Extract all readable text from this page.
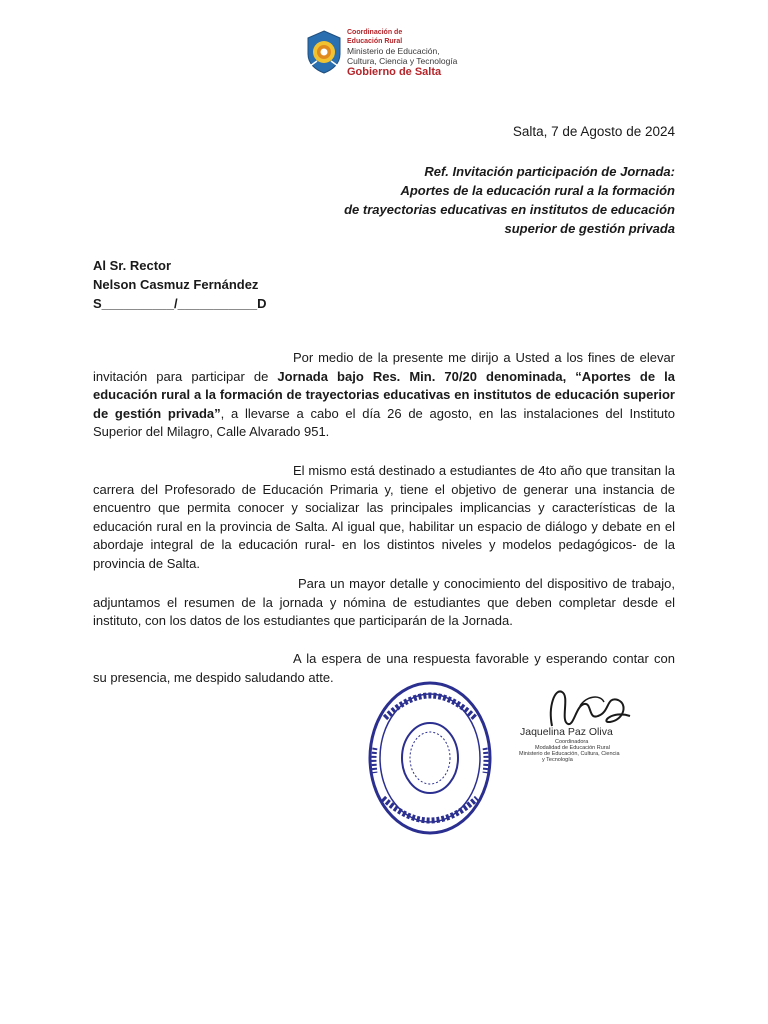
Coordinación de
Educación Rural
Ministerio de Educación,
Cultura, Ciencia y Tecnología
Gobierno de Salta
Salta, 7 de Agosto de 2024
Ref. Invitación participación de Jornada:
Aportes de la educación rural a la formación
de trayectorias educativas en institutos de educación
superior de gestión privada
Al Sr. Rector
Nelson Casmuz Fernández
S__________/___________D
Por medio de la presente me dirijo a Usted a los fines de elevar invitación para participar de Jornada bajo Res. Min. 70/20 denominada, “Aportes de la educación rural a la formación de trayectorias educativas en institutos de educación superior de gestión privada”, a llevarse a cabo el día 26 de agosto, en las instalaciones del Instituto Superior del Milagro, Calle Alvarado 951.
El mismo está destinado a estudiantes de 4to año que transitan la carrera del Profesorado de Educación Primaria y, tiene el objetivo de generar una instancia de encuentro que permita conocer y socializar las principales implicancias y características de la educación rural en la provincia de Salta. Al igual que, habilitar un espacio de diálogo y debate en el abordaje integral de la educación rural- en los distintos niveles y modelos pedagógicos- de la provincia de Salta.
Para un mayor detalle y conocimiento del dispositivo de trabajo, adjuntamos el resumen de la jornada y nómina de estudiantes que deben completar desde el instituto, con los datos de los estudiantes que participarán de la Jornada.
A la espera de una respuesta favorable y esperando contar con su presencia, me despido saludando atte.
Jaquelina Paz Oliva
Coordinadora
Modalidad de Educación Rural
Ministerio de Educación, Cultura, Ciencia
y Tecnología
